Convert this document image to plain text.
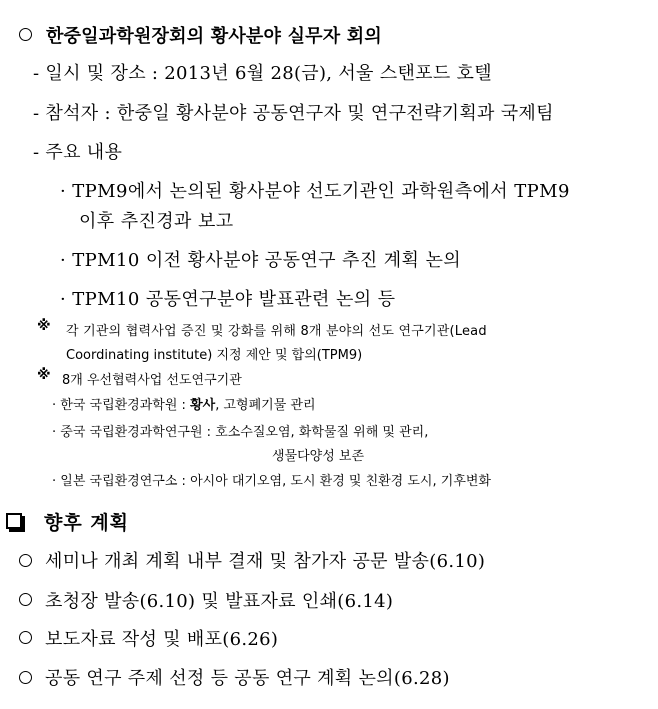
한중일과학원장회의 황사분야 실무자 회의
- 일시 및 장소 : 2013년 6월 28(금), 서울 스탠포드 호텔
- 참석자 : 한중일 황사분야 공동연구자 및 연구전략기획과 국제팀
- 주요 내용
· TPM9에서 논의된 황사분야 선도기관인 과학원측에서 TPM9
이후 추진경과 보고
· TPM10 이전 황사분야 공동연구 추진 계획 논의
· TPM10 공동연구분야 발표관련 논의 등
※ 각 기관의 협력사업 증진 및 강화를 위해 8개 분야의 선도 연구기관(Lead
Coordinating institute) 지정 제안 및 합의(TPM9)
※ 8개 우선협력사업 선도연구기관
· 한국 국립환경과학원 : 황사, 고형폐기물 관리
· 중국 국립환경과학연구원 : 호소수질오염, 화학물질 위해 및 관리,
생물다양성 보존
· 일본 국립환경연구소 : 아시아 대기오염, 도시 환경 및 친환경 도시, 기후변화
향후 계획
세미나 개최 계획 내부 결재 및 참가자 공문 발송(6.10)
초청장 발송(6.10) 및 발표자료 인쇄(6.14)
보도자료 작성 및 배포(6.26)
공동 연구 주제 선정 등 공동 연구 계획 논의(6.28)
